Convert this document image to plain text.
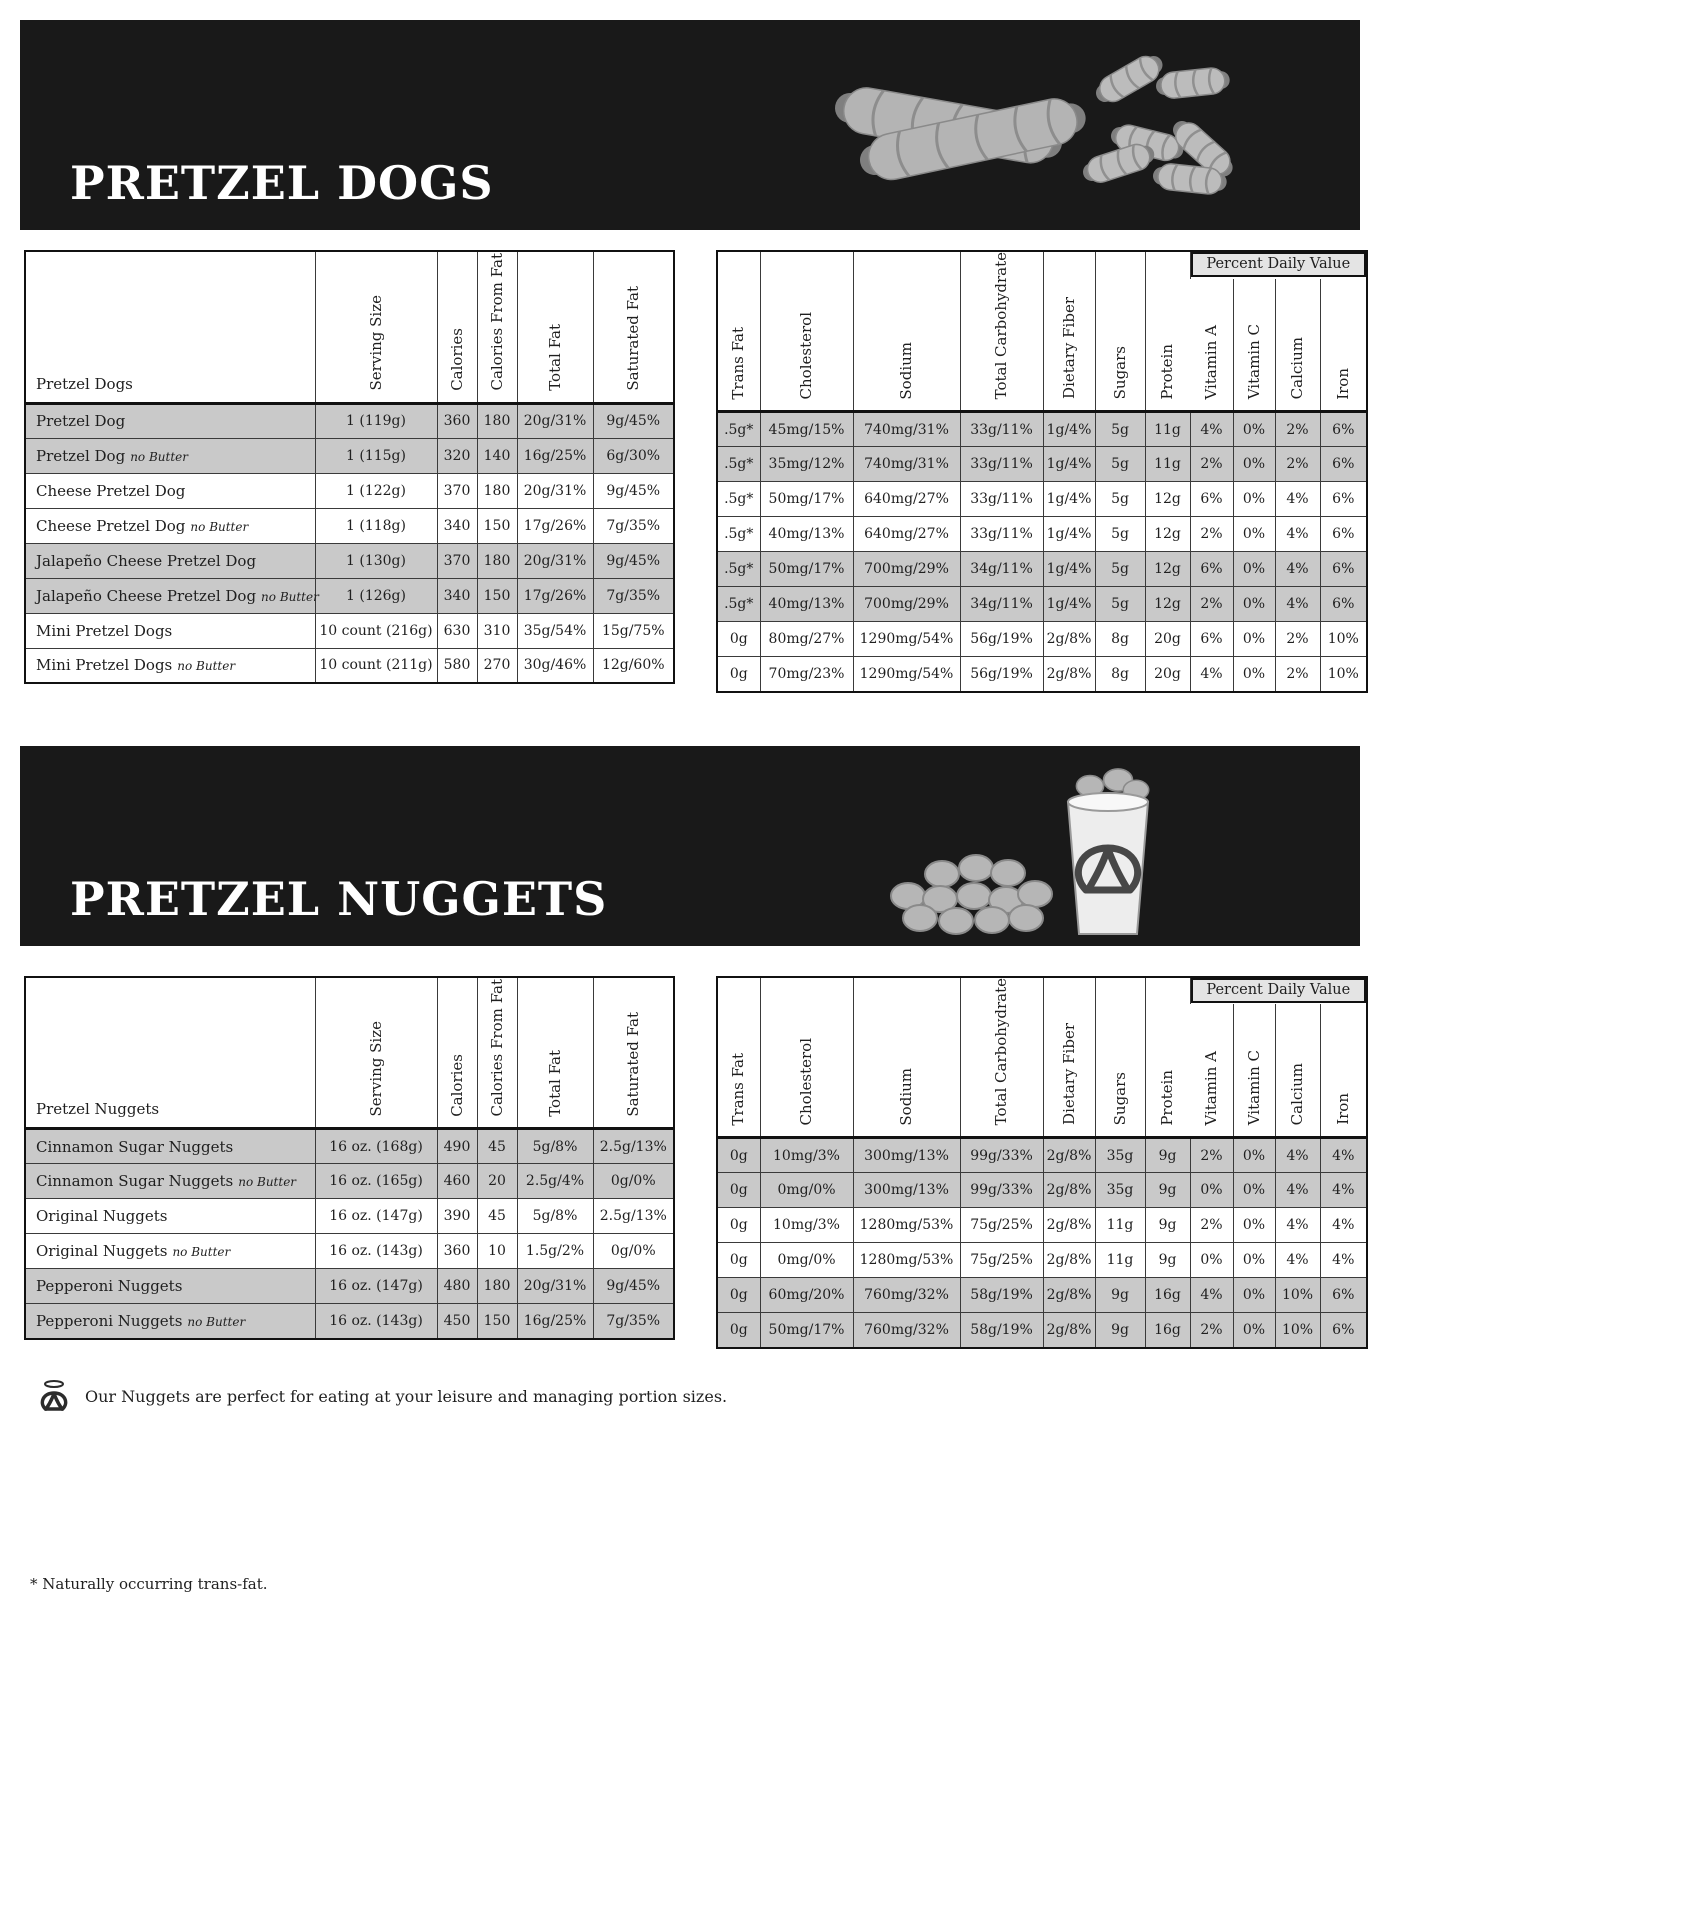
PRETZEL DOGS
Pretzel Dogs	Serving Size	Calories	Calories From Fat	Total Fat	Saturated Fat
Pretzel Dog	1 (119g)	360	180	20g/31%	9g/45%
Pretzel Dog no Butter	1 (115g)	320	140	16g/25%	6g/30%
Cheese Pretzel Dog	1 (122g)	370	180	20g/31%	9g/45%
Cheese Pretzel Dog no Butter	1 (118g)	340	150	17g/26%	7g/35%
Jalapeño Cheese Pretzel Dog	1 (130g)	370	180	20g/31%	9g/45%
Jalapeño Cheese Pretzel Dog no Butter	1 (126g)	340	150	17g/26%	7g/35%
Mini Pretzel Dogs	10 count (216g)	630	310	35g/54%	15g/75%
Mini Pretzel Dogs no Butter	10 count (211g)	580	270	30g/46%	12g/60%
Trans Fat	Cholesterol	Sodium	Total Carbohydrate	Dietary Fiber	Sugars	Protein	Percent Daily Value			

							Vitamin A	Vitamin C	Calcium	Iron
.5g*	45mg/15%	740mg/31%	33g/11%	1g/4%	5g	11g	4%	0%	2%	6%
.5g*	35mg/12%	740mg/31%	33g/11%	1g/4%	5g	11g	2%	0%	2%	6%
.5g*	50mg/17%	640mg/27%	33g/11%	1g/4%	5g	12g	6%	0%	4%	6%
.5g*	40mg/13%	640mg/27%	33g/11%	1g/4%	5g	12g	2%	0%	4%	6%
.5g*	50mg/17%	700mg/29%	34g/11%	1g/4%	5g	12g	6%	0%	4%	6%
.5g*	40mg/13%	700mg/29%	34g/11%	1g/4%	5g	12g	2%	0%	4%	6%
0g	80mg/27%	1290mg/54%	56g/19%	2g/8%	8g	20g	6%	0%	2%	10%
0g	70mg/23%	1290mg/54%	56g/19%	2g/8%	8g	20g	4%	0%	2%	10%
PRETZEL NUGGETS
Pretzel Nuggets	Serving Size	Calories	Calories From Fat	Total Fat	Saturated Fat
Cinnamon Sugar Nuggets	16 oz. (168g)	490	45	5g/8%	2.5g/13%
Cinnamon Sugar Nuggets no Butter	16 oz. (165g)	460	20	2.5g/4%	0g/0%
Original Nuggets	16 oz. (147g)	390	45	5g/8%	2.5g/13%
Original Nuggets no Butter	16 oz. (143g)	360	10	1.5g/2%	0g/0%
Pepperoni Nuggets	16 oz. (147g)	480	180	20g/31%	9g/45%
Pepperoni Nuggets no Butter	16 oz. (143g)	450	150	16g/25%	7g/35%
Trans Fat	Cholesterol	Sodium	Total Carbohydrate	Dietary Fiber	Sugars	Protein	Percent Daily Value			

							Vitamin A	Vitamin C	Calcium	Iron
0g	10mg/3%	300mg/13%	99g/33%	2g/8%	35g	9g	2%	0%	4%	4%
0g	0mg/0%	300mg/13%	99g/33%	2g/8%	35g	9g	0%	0%	4%	4%
0g	10mg/3%	1280mg/53%	75g/25%	2g/8%	11g	9g	2%	0%	4%	4%
0g	0mg/0%	1280mg/53%	75g/25%	2g/8%	11g	9g	0%	0%	4%	4%
0g	60mg/20%	760mg/32%	58g/19%	2g/8%	9g	16g	4%	0%	10%	6%
0g	50mg/17%	760mg/32%	58g/19%	2g/8%	9g	16g	2%	0%	10%	6%
Our Nuggets are perfect for eating at your leisure and managing portion sizes.

* Naturally occurring trans-fat.
